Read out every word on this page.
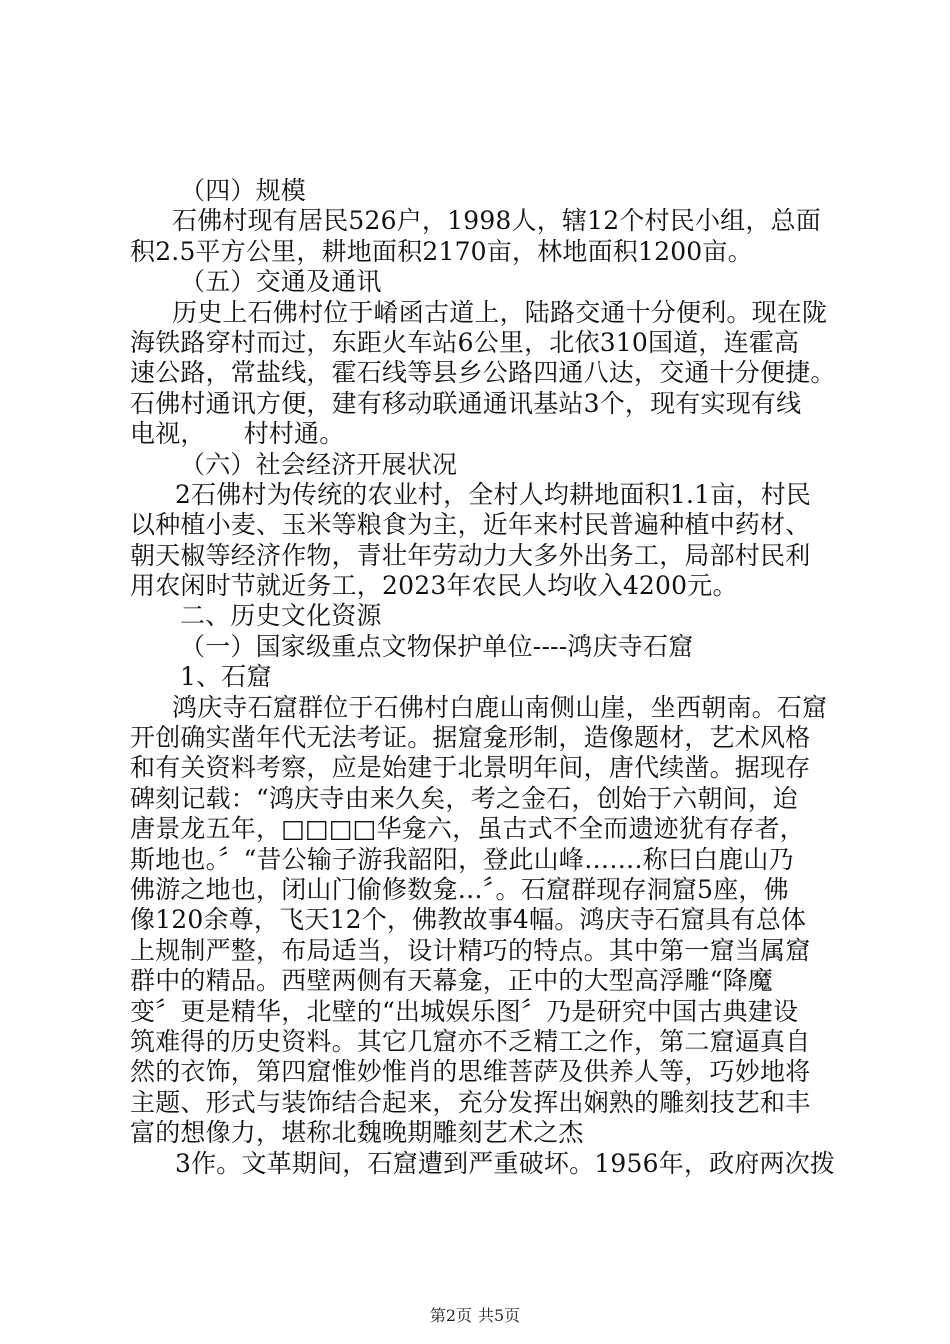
（四）规模
石佛村现有居民526户，1998人，辖12个村民小组，总面
积2.5平方公里，耕地面积2170亩，林地面积1200亩。
（五）交通及通讯
历史上石佛村位于崤函古道上，陆路交通十分便利。现在陇
海铁路穿村而过，东距火车站6公里，北依310国道，连霍高
速公路，常盐线，霍石线等县乡公路四通八达，交通十分便捷。
石佛村通讯方便，建有移动联通通讯基站3个，现有实现有线
电视， 村村通。
（六）社会经济开展状况
2石佛村为传统的农业村，全村人均耕地面积1.1亩，村民
以种植小麦、玉米等粮食为主，近年来村民普遍种植中药材、
朝天椒等经济作物，青壮年劳动力大多外出务工，局部村民利
用农闲时节就近务工，2023年农民人均收入4200元。
二、历史文化资源
（一）国家级重点文物保护单位----鸿庆寺石窟
1、石窟
鸿庆寺石窟群位于石佛村白鹿山南侧山崖，坐西朝南。石窟
开创确实凿年代无法考证。据窟龛形制，造像题材，艺术风格
和有关资料考察，应是始建于北景明年间，唐代续凿。据现存
碑刻记载：“鸿庆寺由来久矣，考之金石，创始于六朝间，迨
唐景龙五年，□□□□华龛六，虽古式不全而遗迹犹有存者，
斯地也。〞“昔公输子游我韶阳，登此山峰…….称曰白鹿山乃
佛游之地也，闭山门偷修数龛…〞。石窟群现存洞窟5座，佛
像120余尊，飞天12个，佛教故事4幅。鸿庆寺石窟具有总体
上规制严整，布局适当，设计精巧的特点。其中第一窟当属窟
群中的精品。西壁两侧有天幕龛，正中的大型高浮雕“降魔
变〞更是精华，北壁的“出城娱乐图〞乃是研究中国古典建设
筑难得的历史资料。其它几窟亦不乏精工之作，第二窟逼真自
然的衣饰，第四窟惟妙惟肖的思维菩萨及供养人等，巧妙地将
主题、形式与装饰结合起来，充分发挥出娴熟的雕刻技艺和丰
富的想像力，堪称北魏晚期雕刻艺术之杰
3作。文革期间，石窟遭到严重破坏。1956年，政府两次拨
第2页 共5页
